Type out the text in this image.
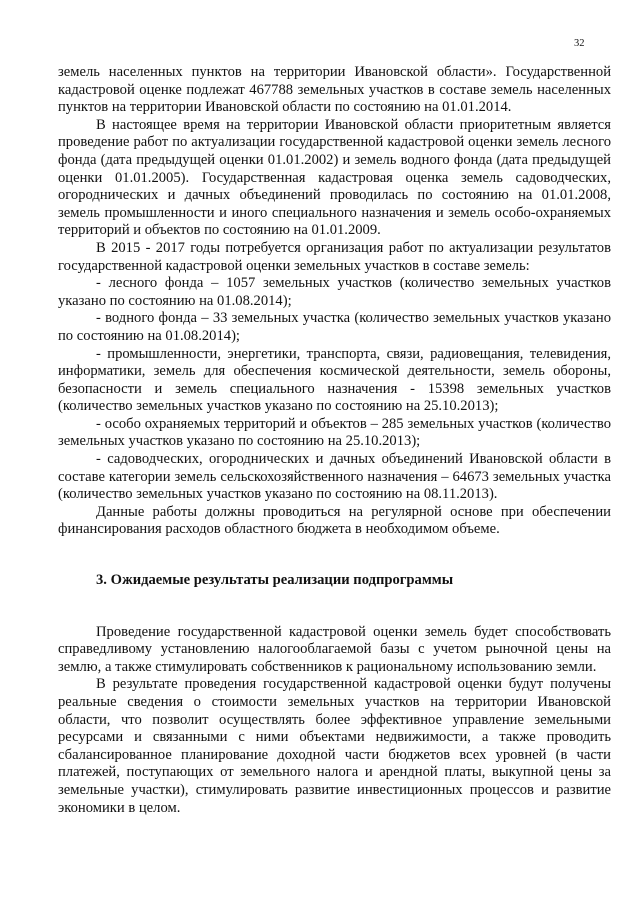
32

земель населенных пунктов на территории Ивановской области». Государственной кадастровой оценке подлежат 467788 земельных участков в составе земель населенных пунктов на территории Ивановской области по состоянию на 01.01.2014.

В настоящее время на территории Ивановской области приоритетным является проведение работ по актуализации государственной кадастровой оценки земель лесного фонда (дата предыдущей оценки 01.01.2002) и земель водного фонда (дата предыдущей оценки 01.01.2005). Государственная кадастровая оценка земель садоводческих, огороднических и дачных объединений проводилась по состоянию на 01.01.2008, земель промышленности и иного специального назначения и земель особо-охраняемых территорий и объектов по состоянию на 01.01.2009.

В 2015 - 2017 годы потребуется организация работ по актуализации результатов государственной кадастровой оценки земельных участков в составе земель:

- лесного фонда – 1057 земельных участков (количество земельных участков указано по состоянию на 01.08.2014);

- водного фонда – 33 земельных участка (количество земельных участков указано по состоянию на 01.08.2014);

- промышленности, энергетики, транспорта, связи, радиовещания, телевидения, информатики, земель для обеспечения космической деятельности, земель обороны, безопасности и земель специального назначения - 15398 земельных участков (количество земельных участков указано по состоянию на 25.10.2013);

- особо охраняемых территорий и объектов – 285 земельных участков (количество земельных участков указано по состоянию на 25.10.2013);

- садоводческих, огороднических и дачных объединений Ивановской области в составе категории земель сельскохозяйственного назначения – 64673 земельных участка (количество земельных участков указано по состоянию на 08.11.2013).

Данные работы должны проводиться на регулярной основе при обеспечении финансирования расходов областного бюджета в необходимом объеме.

3. Ожидаемые результаты реализации подпрограммы

Проведение государственной кадастровой оценки земель будет способствовать справедливому установлению налогооблагаемой базы с учетом рыночной цены на землю, а также стимулировать собственников к рациональному использованию земли.

В результате проведения государственной кадастровой оценки будут получены реальные сведения о стоимости земельных участков на территории Ивановской области, что позволит осуществлять более эффективное управление земельными ресурсами и связанными с ними объектами недвижимости, а также проводить сбалансированное планирование доходной части бюджетов всех уровней (в части платежей, поступающих от земельного налога и арендной платы, выкупной цены за земельные участки), стимулировать развитие инвестиционных процессов и развитие экономики в целом.
